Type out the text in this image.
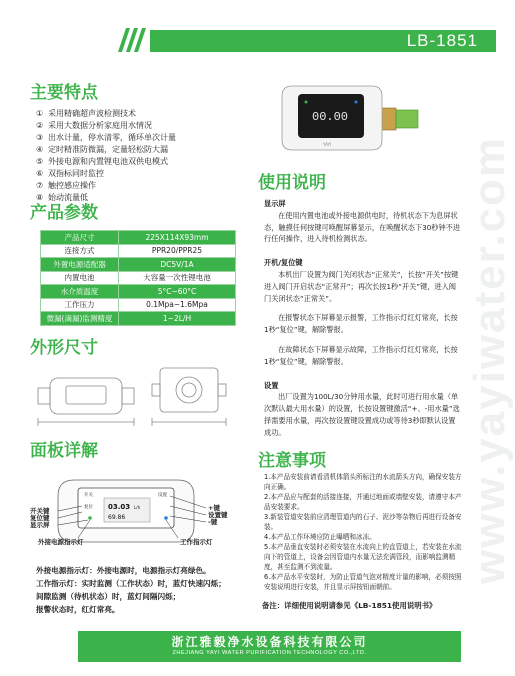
LB-1851
www.yayiwater.com
主要特点
① 采用精确超声波检测技术
② 采用大数据分析家庭用水情况
③ 出水计量，停水清零，循环单次计量
④ 定时精准防微漏，定量轻松防大漏
⑤ 外接电源和内置锂电池双供电模式
⑥ 双指标同时监控
⑦ 触控感应操作
⑧ 始动流量低
产品参数
产品尺寸	225X114X93mm
连接方式	PPR20/PPR25
外置电源适配器	DC5V/1A
内置电池	大容量一次性锂电池
水介质温度	5°C~60°C
工作压力	0.1Mpa~1.6Mpa
微漏(滴漏)监测精度	1~2L/H
外形尺寸
面板详解
开关	设置
复位 03.03 L/h
69.86
开关键
复位键
显示屏
+键
设置键
-键
外接电源指示灯	工作指示灯
外接电源指示灯：外接电源时，电源指示灯亮绿色。
工作指示灯：实时监测（工作状态）时，蓝灯快速闪烁；
间隙监测（待机状态）时，蓝灯间隔闪烁；
报警状态时，红灯常亮。
00.00
YAYI
使用说明
显示屏

在使用内置电池或外接电源供电时，待机状态下为息屏状态，触摸任何按键可唤醒屏幕显示，在唤醒状态下30秒钟不进行任何操作，进入待机检测状态。

开机/复位键

本机出厂设置为阀门关闭状态“正常关”，长按“开关”按键进入阀门开启状态“正常开”；再次长按1秒“开关”键，进入阀门关闭状态“正常关”。

在报警状态下屏幕显示报警，工作指示灯红灯常亮，长按1秒“复位”键，解除警报。

在故障状态下屏幕显示故障，工作指示灯红灯常亮，长按1秒“复位”键，解除警报。

设置

出厂设置为100L/30分钟用水量，此时可进行用水量（单次默认最大用水量）的设置，长按设置键激活“+、-用水量”选择需要用水量，再次按设置键设置成功或等待3秒即默认设置成功。

注意事项

1.本产品安装前请看清机体箭头所标注的水流箭头方向，确保安装方向正确。

2.本产品应与配套的活接连接，并通过地面或墙壁安装，请遵守本产品安装要求。

3.新装管道安装前应清理管道内的石子、泥沙等杂物后再进行设备安装。

4.本产品工作环境应防止曝晒和冰冻。

5.本产品垂直安装时必须安装在水流向上的直管道上，若安装在水流向下的管道上，设备会因管道内水量无法充满管段，而影响监测精度，甚至监测不到流量。

6.本产品水平安装时，为防止管道气泡对精度计量的影响，必须按照安装说明进行安装，并且显示屏按钮面朝前。

备注：详细使用说明请参见《LB-1851使用说明书》
浙江雅毅净水设备科技有限公司
ZHEJIANG YAYI WATER PURIFICATION TECHNOLOGY CO.,LTD.
